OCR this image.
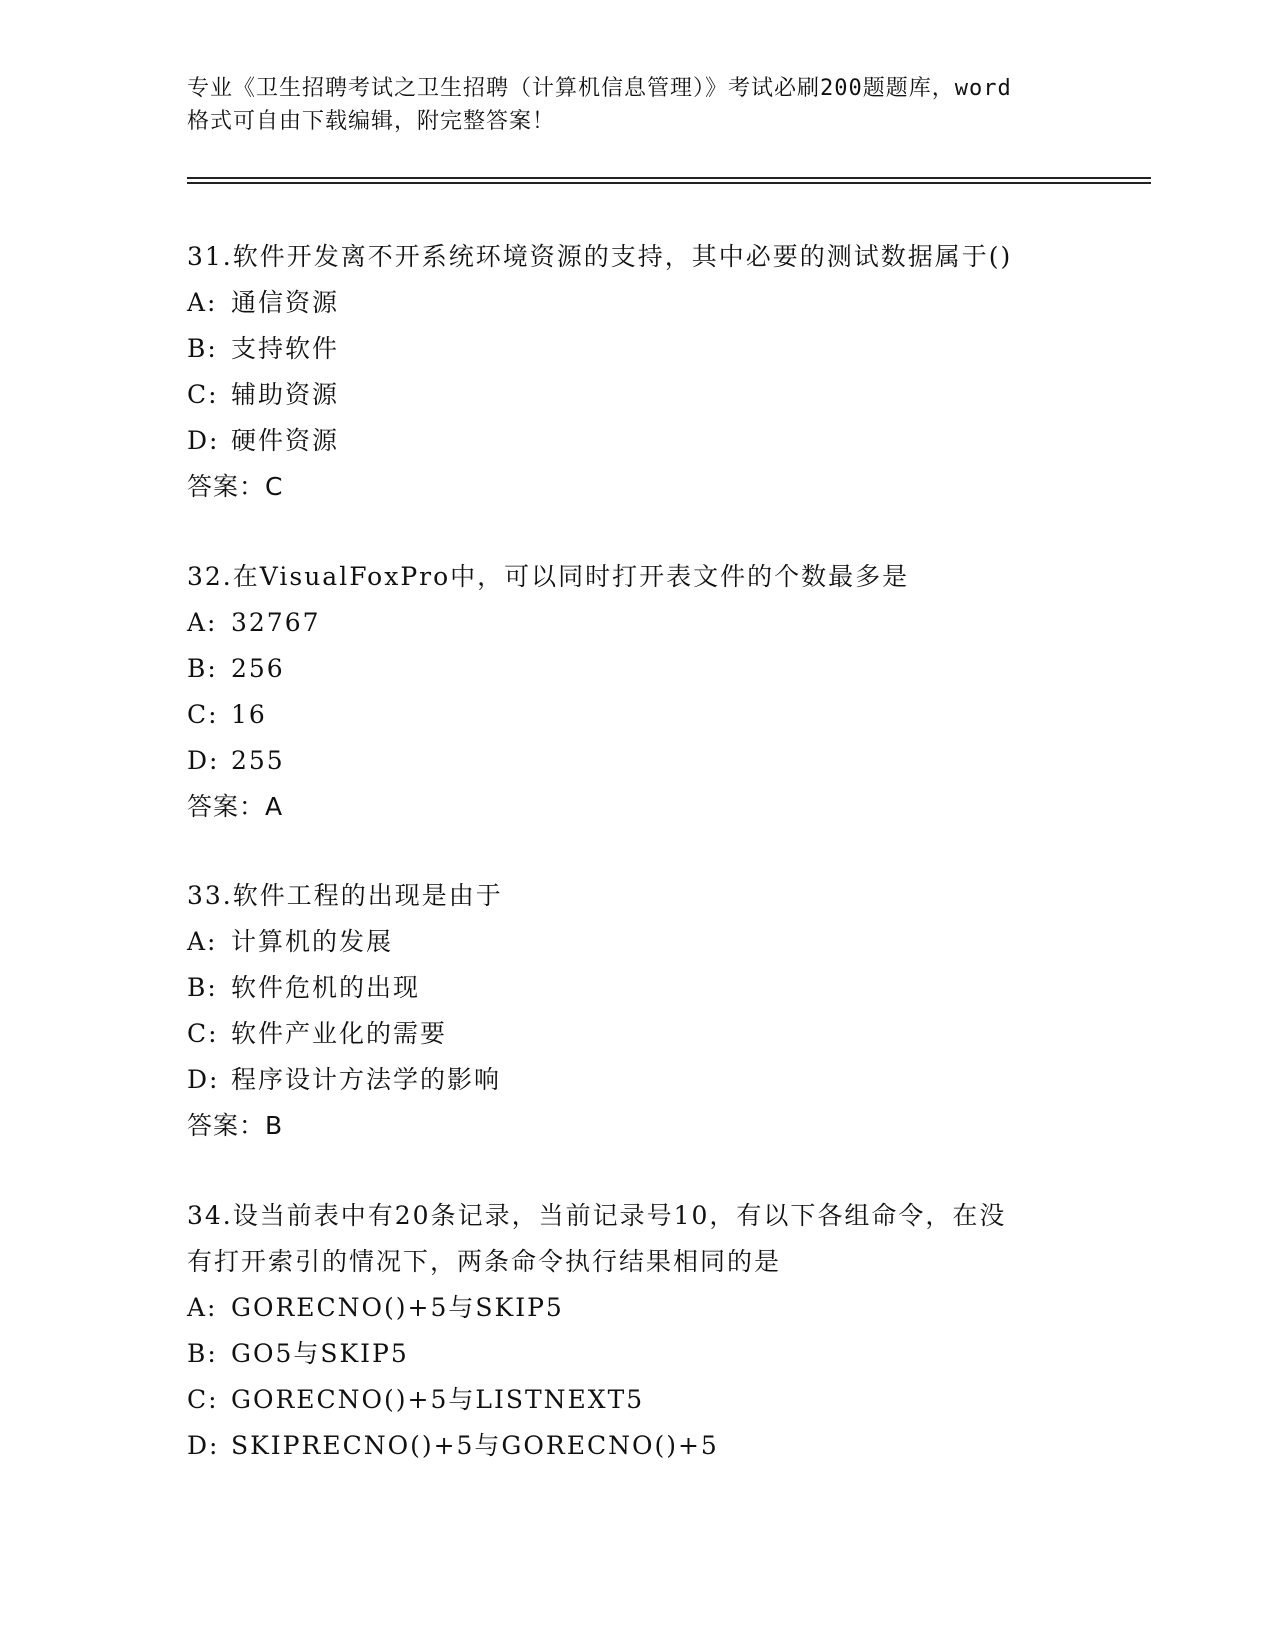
专业《卫生招聘考试之卫生招聘（计算机信息管理）》考试必刷200题题库，word
格式可自由下载编辑，附完整答案！
31.软件开发离不开系统环境资源的支持，其中必要的测试数据属于()
A: 通信资源
B: 支持软件
C: 辅助资源
D: 硬件资源
答案：C
32.在VisualFoxPro中，可以同时打开表文件的个数最多是
A: 32767
B: 256
C: 16
D: 255
答案：A
33.软件工程的出现是由于
A: 计算机的发展
B: 软件危机的出现
C: 软件产业化的需要
D: 程序设计方法学的影响
答案：B
34.设当前表中有20条记录，当前记录号10，有以下各组命令，在没
有打开索引的情况下，两条命令执行结果相同的是
A: GORECNO()+5与SKIP5
B: GO5与SKIP5
C: GORECNO()+5与LISTNEXT5
D: SKIPRECNO()+5与GORECNO()+5
